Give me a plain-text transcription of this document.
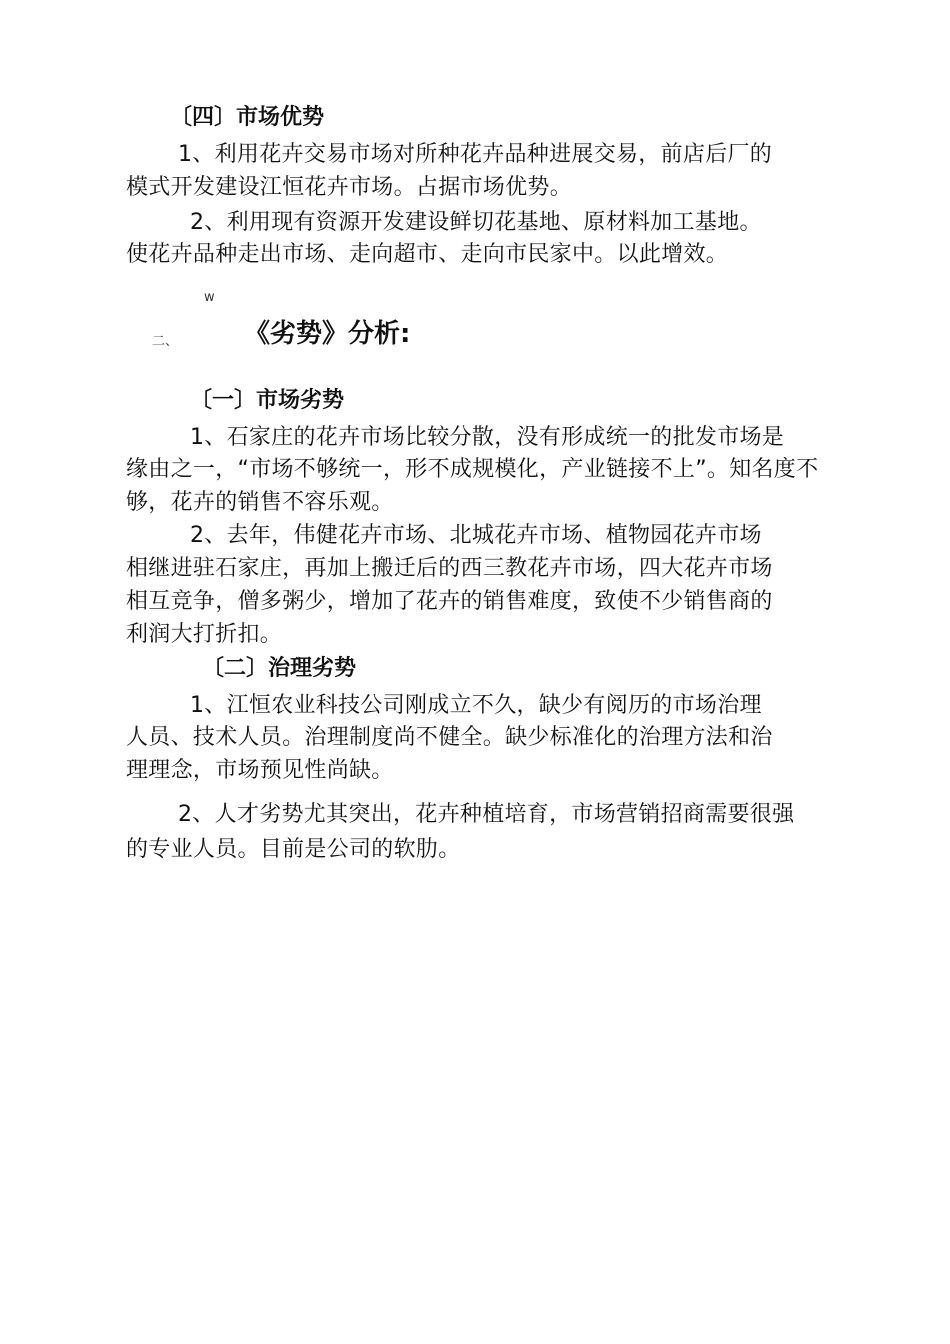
〔四〕市场优势
1、利用花卉交易市场对所种花卉品种进展交易，前店后厂的
模式开发建设江恒花卉市场。占据市场优势。
2、利用现有资源开发建设鲜切花基地、原材料加工基地。
使花卉品种走出市场、走向超市、走向市民家中。以此增效。
w
二、	《劣势》分析:
〔一〕市场劣势
1、石家庄的花卉市场比较分散，没有形成统一的批发市场是
缘由之一，“市场不够统一，形不成规模化，产业链接不上”。知名度不
够，花卉的销售不容乐观。
2、去年，伟健花卉市场、北城花卉市场、植物园花卉市场
相继进驻石家庄，再加上搬迁后的西三教花卉市场，四大花卉市场
相互竞争，僧多粥少，增加了花卉的销售难度，致使不少销售商的
利润大打折扣。
〔二〕治理劣势
1、江恒农业科技公司刚成立不久，缺少有阅历的市场治理
人员、技术人员。治理制度尚不健全。缺少标准化的治理方法和治
理理念，市场预见性尚缺。
2、人才劣势尤其突出，花卉种植培育，市场营销招商需要很强
的专业人员。目前是公司的软肋。
